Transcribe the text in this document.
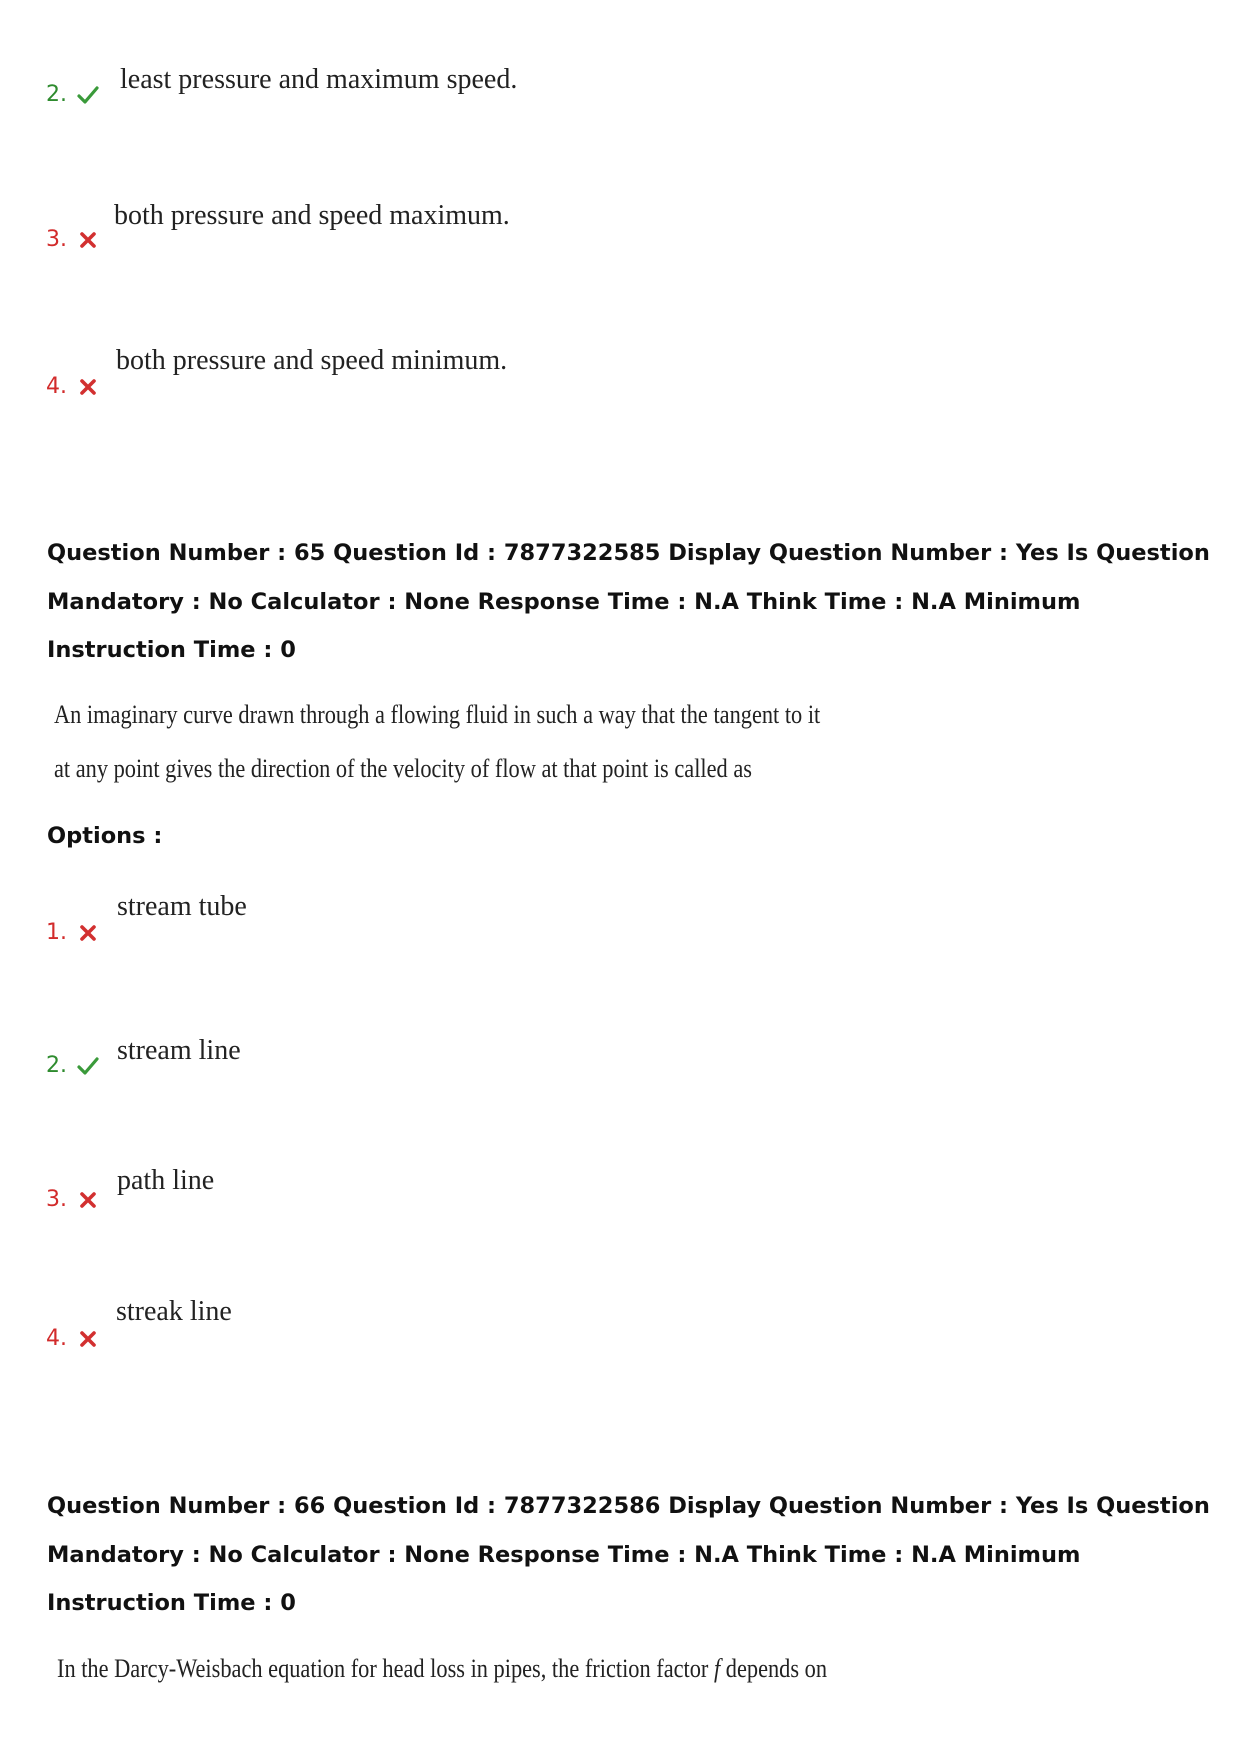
2. least pressure and maximum speed.
3.
both pressure and speed maximum.
4.
both pressure and speed minimum.
Question Number : 65 Question Id : 7877322585 Display Question Number : Yes Is Question Mandatory : No Calculator : None Response Time : N.A Think Time : N.A Minimum Instruction Time : 0
An imaginary curve drawn through a flowing fluid in such a way that the tangent to it
at any point gives the direction of the velocity of flow at that point is called as
Options :
1.
stream tube
2. stream line
3.
path line
4.
streak line
Question Number : 66 Question Id : 7877322586 Display Question Number : Yes Is Question Mandatory : No Calculator : None Response Time : N.A Think Time : N.A Minimum Instruction Time : 0
In the Darcy-Weisbach equation for head loss in pipes, the friction factor f depends on
